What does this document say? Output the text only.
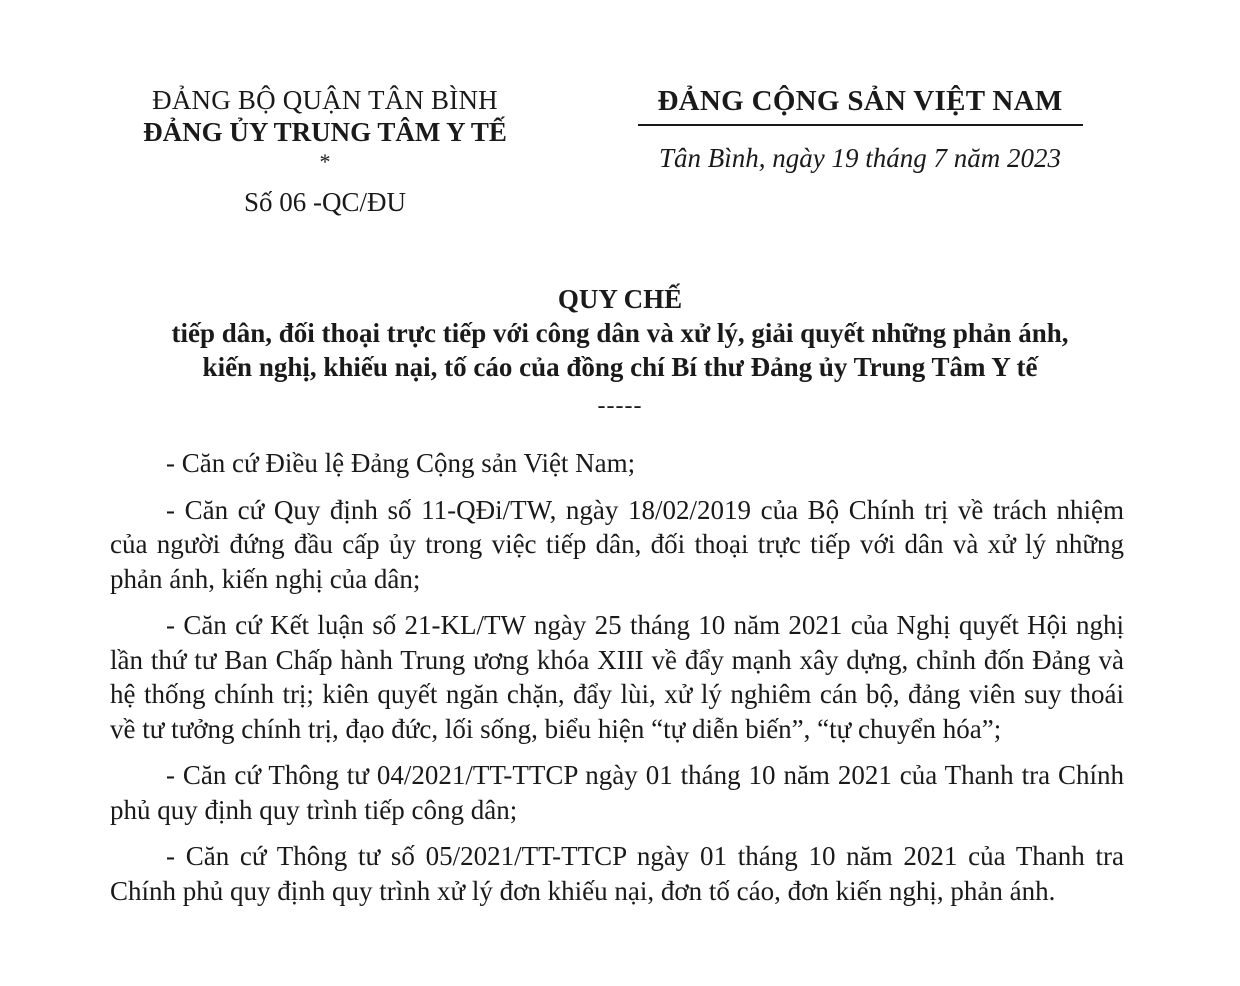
ĐẢNG BỘ QUẬN TÂN BÌNH
ĐẢNG ỦY TRUNG TÂM Y TẾ
*
Số 06 -QC/ĐU
ĐẢNG CỘNG SẢN VIỆT NAM
Tân Bình, ngày 19 tháng 7 năm 2023
QUY CHẾ
tiếp dân, đối thoại trực tiếp với công dân và xử lý, giải quyết những phản ánh,
kiến nghị, khiếu nại, tố cáo của đồng chí Bí thư Đảng ủy Trung Tâm Y tế
-----

- Căn cứ Điều lệ Đảng Cộng sản Việt Nam;

- Căn cứ Quy định số 11-QĐi/TW, ngày 18/02/2019 của Bộ Chính trị về trách nhiệm của người đứng đầu cấp ủy trong việc tiếp dân, đối thoại trực tiếp với dân và xử lý những phản ánh, kiến nghị của dân;

- Căn cứ Kết luận số 21-KL/TW ngày 25 tháng 10 năm 2021 của Nghị quyết Hội nghị lần thứ tư Ban Chấp hành Trung ương khóa XIII về đẩy mạnh xây dựng, chỉnh đốn Đảng và hệ thống chính trị; kiên quyết ngăn chặn, đẩy lùi, xử lý nghiêm cán bộ, đảng viên suy thoái về tư tưởng chính trị, đạo đức, lối sống, biểu hiện “tự diễn biến”, “tự chuyển hóa”;

- Căn cứ Thông tư 04/2021/TT-TTCP ngày 01 tháng 10 năm 2021 của Thanh tra Chính phủ quy định quy trình tiếp công dân;

- Căn cứ Thông tư số 05/2021/TT-TTCP ngày 01 tháng 10 năm 2021 của Thanh tra Chính phủ quy định quy trình xử lý đơn khiếu nại, đơn tố cáo, đơn kiến nghị, phản ánh.
